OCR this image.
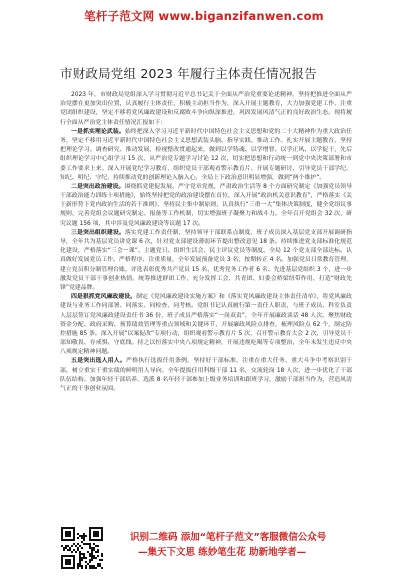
笔杆子范文网 www.biganzifanwen.com
市财政局党组 2023 年履行主体责任情况报告

2023 年，市财政局党组深入学习贯彻习近平总书记关于全面从严治党重要论述精神，坚持把推进全面从严治党摆在更加突出位置，认真履行主体责任，积极主动担当作为，深入开展主题教育，大力加强党建工作，注重党团组织建设，坚定不移将党风廉政建设和反腐败斗争向纵深推进，巩固发展风清气正的良好政治生态。现将履行全面从严治党主体责任情况汇报如下：

一是抓实理论武装。始终把深入学习习近平新时代中国特色社会主义思想和党的二十大精神作为重大政治任务，坚定不移用习近平新时代中国特色社会主义思想武装头脑、指导实践、推动工作。扎实开展主题教育，坚持把理论学习、调查研究、推动发展、检视整改贯通起来，做到以学铸魂、以学增智、以学正风、以学促干，先后组织理论学习中心组学习 15 次，从严治党专题学习讨论 12 次，切实把思想和行动统一到党中央决策部署和市委工作要求上来。深入开展党纪学习教育，组织党员干部观看警示教育片、开展专题研讨，引导党员干部学纪、知纪、明纪、守纪，持续推动党的创新理论入脑入心，全局上下政治意识明显增强，做到“两个维护”。

二是突出政治建设。围绕抓党建促发展、严守党章党规，严肃政治生活等 8 个方面研究制定《加强党员领导干部政治能力训练十项措施》，始终坚持把党的政治建设摆在首位，深入开展“政治机关意识教育”，严格落实《关于新形势下党内政治生活的若干准则》，坚持民主集中制原则，认真执行“三重一大”集体决策制度，健全党组议事规则，完善党组会议题研究制定、报备等工作机制，切实增强班子凝聚力和战斗力。全年召开党组会 32 次，研究议题 156 项，其中涉及党风廉政建设等议题 17 次。

三是突出组织建设。落实党建工作责任制，坚持领导干部联系点制度，班子成员深入基层党支部开展调研指导，全年共为基层党员讲党课 6 次，针对党支部建设薄弱环节提出整改意见 18 条。持续推进党支部标准化规范化建设，严格落实“三会一课”、主题党日、组织生活会、民主评议党员等制度，全局 12 个党支部全部达标。认真做好发展党员工作，严格程序、注重质量，全年发展预备党员 3 名，按期转正 4 名。加强党员日常教育管理，建立党员积分制管理台账，评选表彰优秀共产党员 15 名、优秀党务工作者 6 名、先进基层党组织 3 个，进一步激发党员干部干事创业热情。统筹推进群团工作，充分发挥工会、共青团、妇委会桥梁纽带作用，打造“财政先锋”党建品牌。

四是狠抓党风廉政建设。制定《党风廉政建设实施方案》和《落实党风廉政建设主体责任清单》，将党风廉政建设与业务工作同部署、同落实、同检查、同考核。党组书记认真履行第一责任人职责，与班子成员、科室负责人层层签订党风廉政建设责任书 36 份，班子成员严格落实“一岗双责”，全年开展廉政谈话 48 人次。聚焦财政资金分配、政府采购、预算绩效管理等重点领域和关键环节，开展廉政风险点排查，梳理风险点 62 个，制定防控措施 85 条。深入开展“以案促改”专项行动，组织观看警示教育片 5 次，召开警示教育大会 2 次，引导党员干部知敬畏、存戒惧、守底线。持之以恒落实中央八项规定精神，开展违规吃喝等专项整治，全年未发生违反中央八项规定精神问题。

五是突出选人用人。严格执行选拔任用条例，坚持好干部标准，注重在重大任务、重大斗争中考察识别干部，树立重实干重实绩的鲜明用人导向。全年提拔任用科级干部 11 名，交流轮岗 18 人次，进一步优化了干部队伍结构。加强年轻干部培养，选派 8 名年轻干部参加上级业务培训和跟班学习，激励干部担当作为，营造风清气正的干事创业氛围。

识别二维码 添加“笔杆子范文”客服微信公众号
—集天下文思 练妙笔生花 助新地学者—
